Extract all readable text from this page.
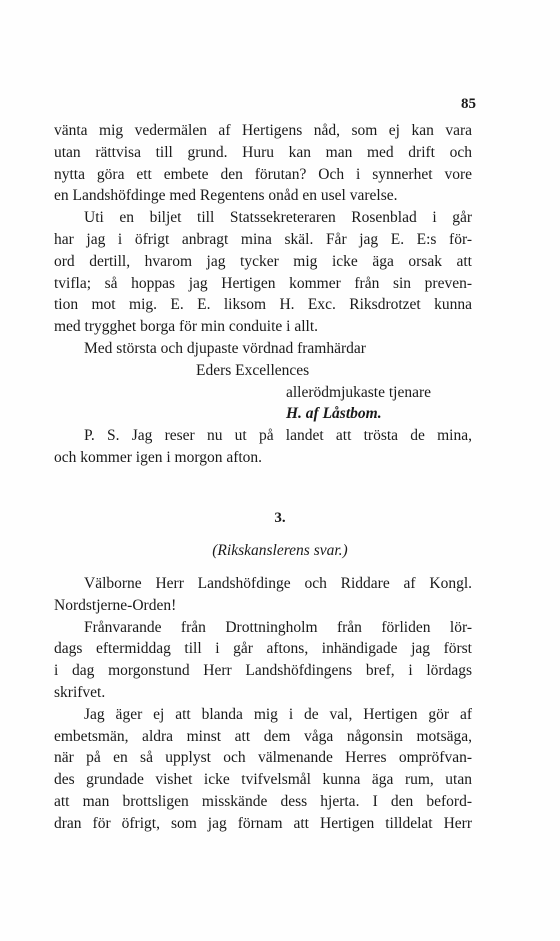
85
vänta mig vedermälen af Hertigens nåd, som ej kan vara
utan rättvisa till grund. Huru kan man med drift och
nytta göra ett embete den förutan? Och i synnerhet vore
en Landshöfdinge med Regentens onåd en usel varelse.
Uti en biljet till Statssekreteraren Rosenblad i går
har jag i öfrigt anbragt mina skäl. Får jag E. E:s för-
ord dertill, hvarom jag tycker mig icke äga orsak att
tvifla; så hoppas jag Hertigen kommer från sin preven-
tion mot mig. E. E. liksom H. Exc. Riksdrotzet kunna
med trygghet borga för min conduite i allt.
Med största och djupaste vördnad framhärdar
Eders Excellences
allerödmjukaste tjenare
H. af Låstbom.
P. S. Jag reser nu ut på landet att trösta de mina,
och kommer igen i morgon afton.
3.
(Rikskanslerens svar.)
Välborne Herr Landshöfdinge och Riddare af Kongl.
Nordstjerne-Orden!
Frånvarande från Drottningholm från förliden lör-
dags eftermiddag till i går aftons, inhändigade jag först
i dag morgonstund Herr Landshöfdingens bref, i lördags
skrifvet.
Jag äger ej att blanda mig i de val, Hertigen gör af
embetsmän, aldra minst att dem våga någonsin motsäga,
när på en så upplyst och välmenande Herres ompröfvan-
des grundade vishet icke tvifvelsmål kunna äga rum, utan
att man brottsligen misskände dess hjerta. I den beford-
dran för öfrigt, som jag förnam att Hertigen tilldelat Herr
